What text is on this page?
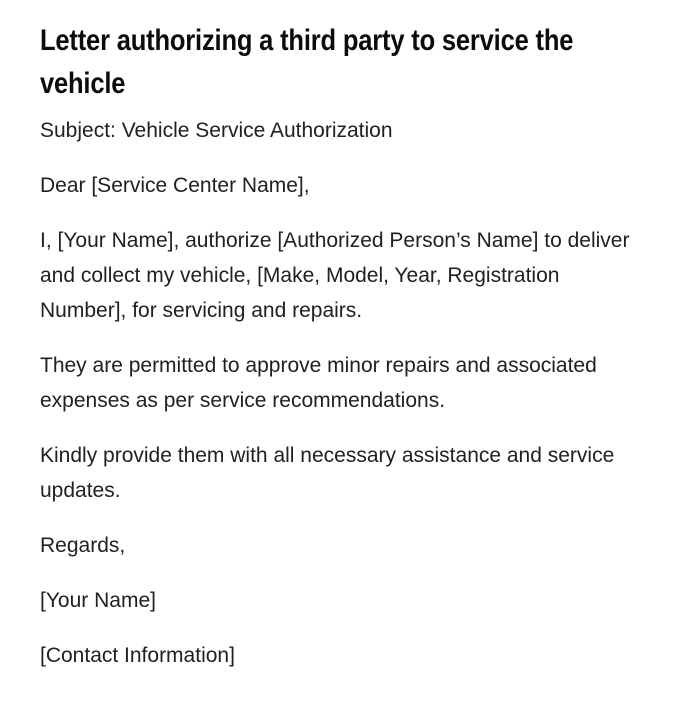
Letter authorizing a third party to service the
vehicle

Subject: Vehicle Service Authorization

Dear [Service Center Name],

I, [Your Name], authorize [Authorized Person’s Name] to deliver
and collect my vehicle, [Make, Model, Year, Registration
Number], for servicing and repairs.

They are permitted to approve minor repairs and associated
expenses as per service recommendations.

Kindly provide them with all necessary assistance and service
updates.

Regards,

[Your Name]

[Contact Information]
